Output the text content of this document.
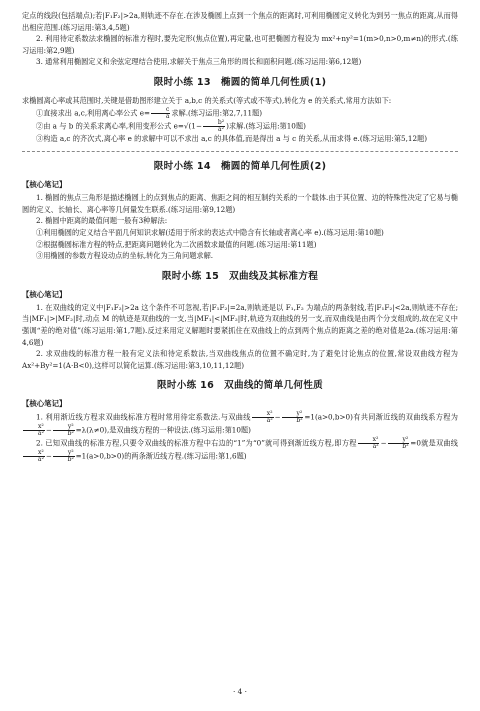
定点的线段(包括端点);若|F₁F₂|>2a,则轨迹不存在.在涉及椭圆上点到一个焦点的距离时,可利用椭圆定义转化为到另一焦点的距离,从而得出相应范围.(练习运用:第3,4,5题)

2. 利用待定系数法求椭圆的标准方程时,要先定形(焦点位置),再定量,也可把椭圆方程设为 mx²+ny²=1(m>0,n>0,m≠n)的形式.(练习运用:第2,9题)

3. 通常利用椭圆定义和余弦定理结合使用,求解关于焦点三角形的周长和面积问题.(练习运用:第6,12题)

限时小练 13 椭圆的简单几何性质(1)

求椭圆离心率或其范围时,关键是借助图形建立关于 a,b,c 的关系式(等式或不等式),转化为 e 的关系式,常用方法如下:

①直接求出 a,c,利用离心率公式 $e= \frac{c}{a}$ 求解.(练习运用:第2,7,11题)

②由 a 与 b 的关系求离心率,利用变形公式 $e=√(1- \frac{\text{b²}}{\text{a²}}$ )求解.(练习运用:第10题)

③构造 a,c 的齐次式,离心率 e 的求解中可以不求出 a,c 的具体值,而是得出 a 与 c 的关系,从而求得 e.(练习运用:第5,12题)

限时小练 14 椭圆的简单几何性质(2)
【核心笔记】

1. 椭圆的焦点三角形是描述椭圆上的点到焦点的距离、焦距之间的相互制约关系的一个载体.由于其位置、边的特殊性决定了它易与椭圆的定义、长轴长、离心率等几何量发生联系.(练习运用:第9,12题)

2. 椭圆中距离的最值问题一般有3种解法:

①利用椭圆的定义结合平面几何知识求解(适用于所求的表达式中隐含有长轴或者离心率 e).(练习运用:第10题)

②根据椭圆标准方程的特点,把距离问题转化为二次函数求最值的问题.(练习运用:第11题)

③用椭圆的参数方程设动点的坐标,转化为三角问题求解.

限时小练 15 双曲线及其标准方程
【核心笔记】

1. 在双曲线的定义中|F₁F₂|>2a 这个条件不可忽视,若|F₁F₂|=2a,则轨迹是以 F₁,F₂ 为端点的两条射线,若|F₁F₂|<2a,则轨迹不存在;当|MF₁|>|MF₂|时,动点 M 的轨迹是双曲线的一支,当|MF₁|<|MF₂|时,轨迹为双曲线的另一支,而双曲线是由两个分支组成的,故在定义中强调“差的绝对值”(练习运用:第1,7题).反过来用定义解题时要紧抓住在双曲线上的点到两个焦点的距离之差的绝对值是2a.(练习运用:第4,6题)

2. 求双曲线的标准方程一般有定义法和待定系数法,当双曲线焦点的位置不确定时,为了避免讨论焦点的位置,常设双曲线方程为 Ax²+By²=1(A·B<0),这样可以简化运算.(练习运用:第3,10,11,12题)

限时小练 16 双曲线的简单几何性质
【核心笔记】

1. 利用渐近线方程求双曲线标准方程时常用待定系数法.与双曲线 $\frac{\text{x²}}{\text{a²}} - \frac{\text{y²}}{\text{b²}} =1(a>0,b>0)$有共同渐近线的双曲线系方程为
$\frac{\text{x²}}{\text{a²}} - \frac{\text{y²}}{\text{b²}} =\lambda(\lambda\ne 0)$,是双曲线方程的一种设法.(练习运用:第10题)

2. 已知双曲线的标准方程,只要令双曲线的标准方程中右边的“1”为“0”就可得到渐近线方程,即方程 $\frac{\text{x²}}{\text{a²}} - \frac{\text{y²}}{\text{b²}} =0$就是双曲线
$\frac{\text{x²}}{\text{a²}} - \frac{\text{y²}}{\text{b²}} =1(a>0,b>0)$的两条渐近线方程.(练习运用:第1,6题)

· 4 ·
